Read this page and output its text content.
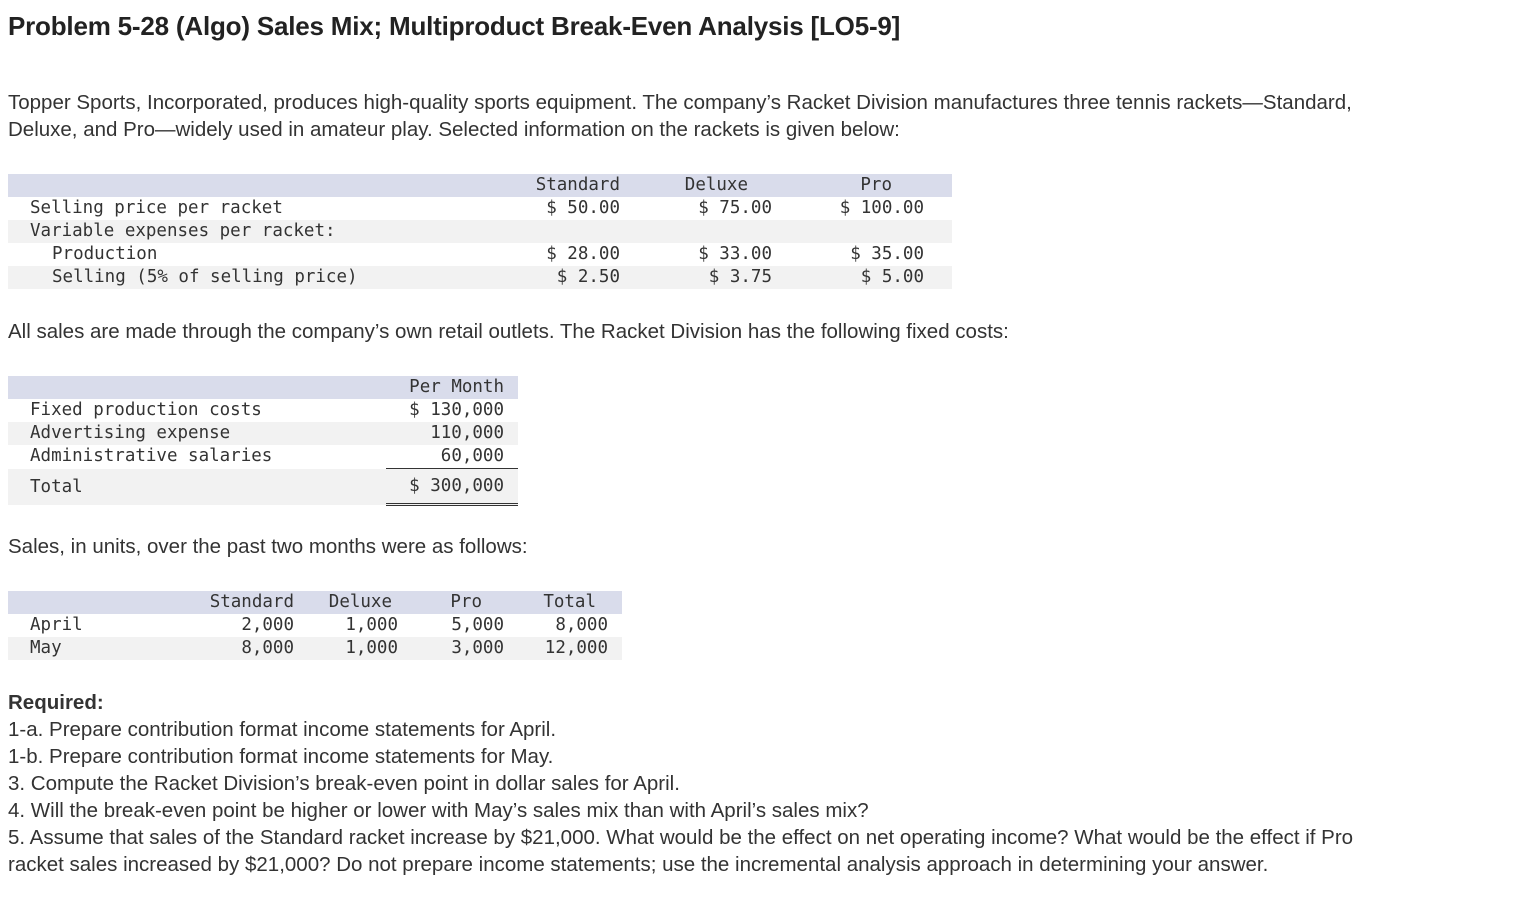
Problem 5-28 (Algo) Sales Mix; Multiproduct Break-Even Analysis [LO5-9]

Topper Sports, Incorporated, produces high-quality sports equipment. The company’s Racket Division manufactures three tennis rackets—Standard, Deluxe, and Pro—widely used in amateur play. Selected information on the rackets is given below:

	Standard	Deluxe	Pro	
Selling price per racket	$ 50.00	$ 75.00	$ 100.00	
Variable expenses per racket:				
Production	$ 28.00	$ 33.00	$ 35.00	
Selling (5% of selling price)	$ 2.50	$ 3.75	$ 5.00	

All sales are made through the company’s own retail outlets. The Racket Division has the following fixed costs:

	Per Month	
Fixed production costs	$ 130,000	
Advertising expense	110,000	
Administrative salaries	60,000	
Total	$ 300,000	

Sales, in units, over the past two months were as follows:

	Standard	Deluxe	Pro	Total	
April	2,000	1,000	5,000	8,000	
May	8,000	1,000	3,000	12,000	
Required:
1-a. Prepare contribution format income statements for April.
1-b. Prepare contribution format income statements for May.
3. Compute the Racket Division’s break-even point in dollar sales for April.
4. Will the break-even point be higher or lower with May’s sales mix than with April’s sales mix?
5. Assume that sales of the Standard racket increase by $21,000. What would be the effect on net operating income? What would be the effect if Pro racket sales increased by $21,000? Do not prepare income statements; use the incremental analysis approach in determining your answer.
